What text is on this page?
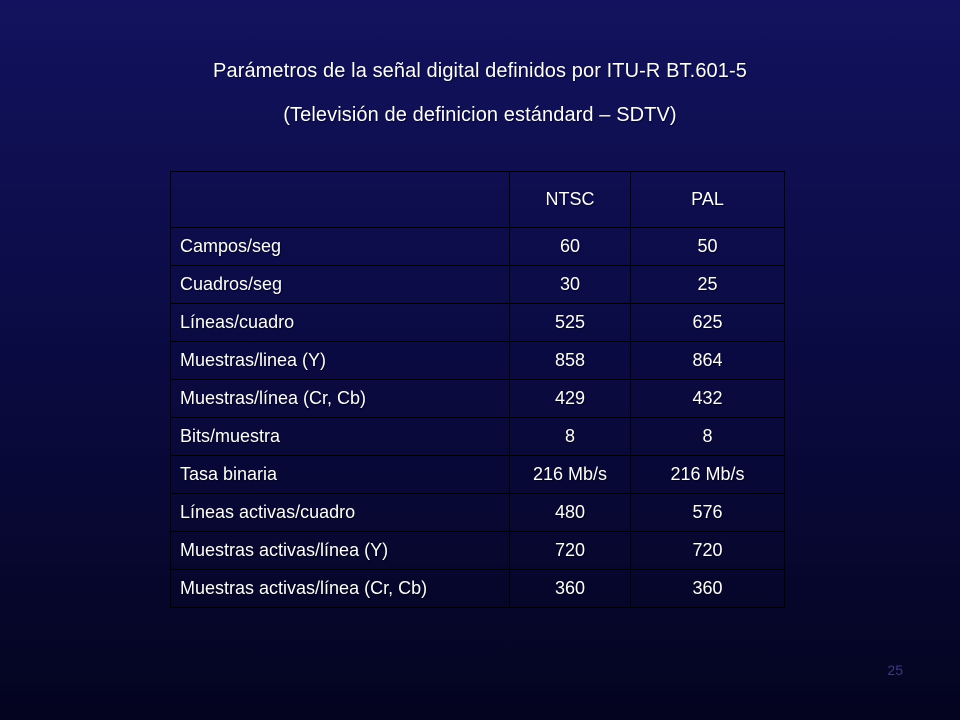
Parámetros de la señal digital definidos por ITU-R BT.601-5
(Televisión de definicion estándard – SDTV)
	NTSC	PAL
Campos/seg	60	50
Cuadros/seg	30	25
Líneas/cuadro	525	625
Muestras/linea (Y)	858	864
Muestras/línea (Cr, Cb)	429	432
Bits/muestra	8	8
Tasa binaria	216 Mb/s	216 Mb/s
Líneas activas/cuadro	480	576
Muestras activas/línea (Y)	720	720
Muestras activas/línea (Cr, Cb)	360	360
25
